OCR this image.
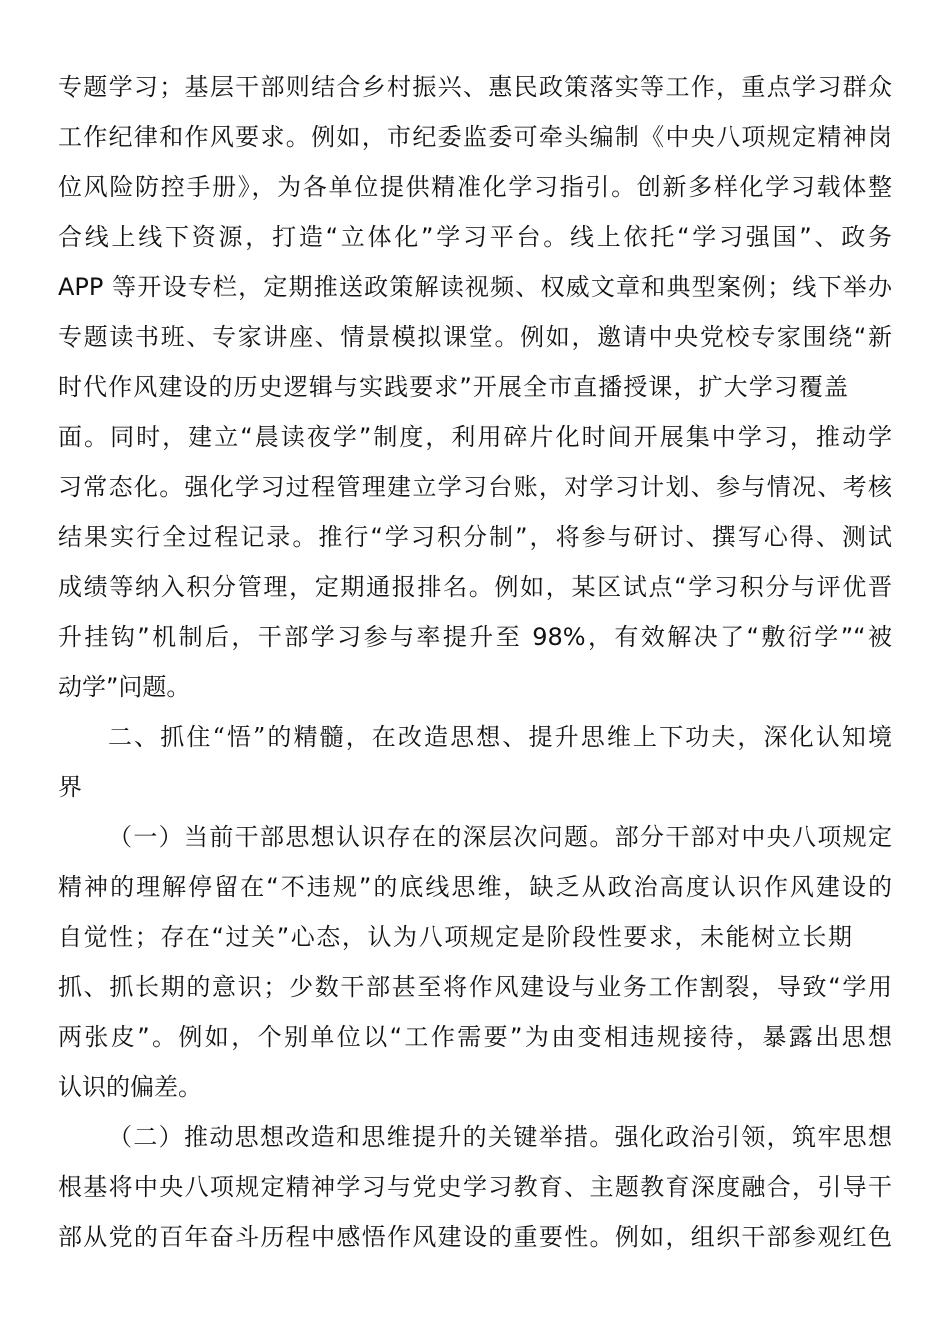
专题学习；基层干部则结合乡村振兴、惠民政策落实等工作，重点学习群众
工作纪律和作风要求。例如，市纪委监委可牵头编制《中央八项规定精神岗
位风险防控手册》，为各单位提供精准化学习指引。创新多样化学习载体整
合线上线下资源，打造“立体化”学习平台。线上依托“学习强国”、政务
APP 等开设专栏，定期推送政策解读视频、权威文章和典型案例；线下举办
专题读书班、专家讲座、情景模拟课堂。例如，邀请中央党校专家围绕“新
时代作风建设的历史逻辑与实践要求”开展全市直播授课，扩大学习覆盖
面。同时，建立“晨读夜学”制度，利用碎片化时间开展集中学习，推动学
习常态化。强化学习过程管理建立学习台账，对学习计划、参与情况、考核
结果实行全过程记录。推行“学习积分制”，将参与研讨、撰写心得、测试
成绩等纳入积分管理，定期通报排名。例如，某区试点“学习积分与评优晋
升挂钩”机制后，干部学习参与率提升至 98%，有效解决了“敷衍学”“被
动学”问题。
二、抓住“悟”的精髓，在改造思想、提升思维上下功夫，深化认知境
界
（一）当前干部思想认识存在的深层次问题。部分干部对中央八项规定
精神的理解停留在“不违规”的底线思维，缺乏从政治高度认识作风建设的
自觉性；存在“过关”心态，认为八项规定是阶段性要求，未能树立长期
抓、抓长期的意识；少数干部甚至将作风建设与业务工作割裂，导致“学用
两张皮”。例如，个别单位以“工作需要”为由变相违规接待，暴露出思想
认识的偏差。
（二）推动思想改造和思维提升的关键举措。强化政治引领，筑牢思想
根基将中央八项规定精神学习与党史学习教育、主题教育深度融合，引导干
部从党的百年奋斗历程中感悟作风建设的重要性。例如，组织干部参观红色
